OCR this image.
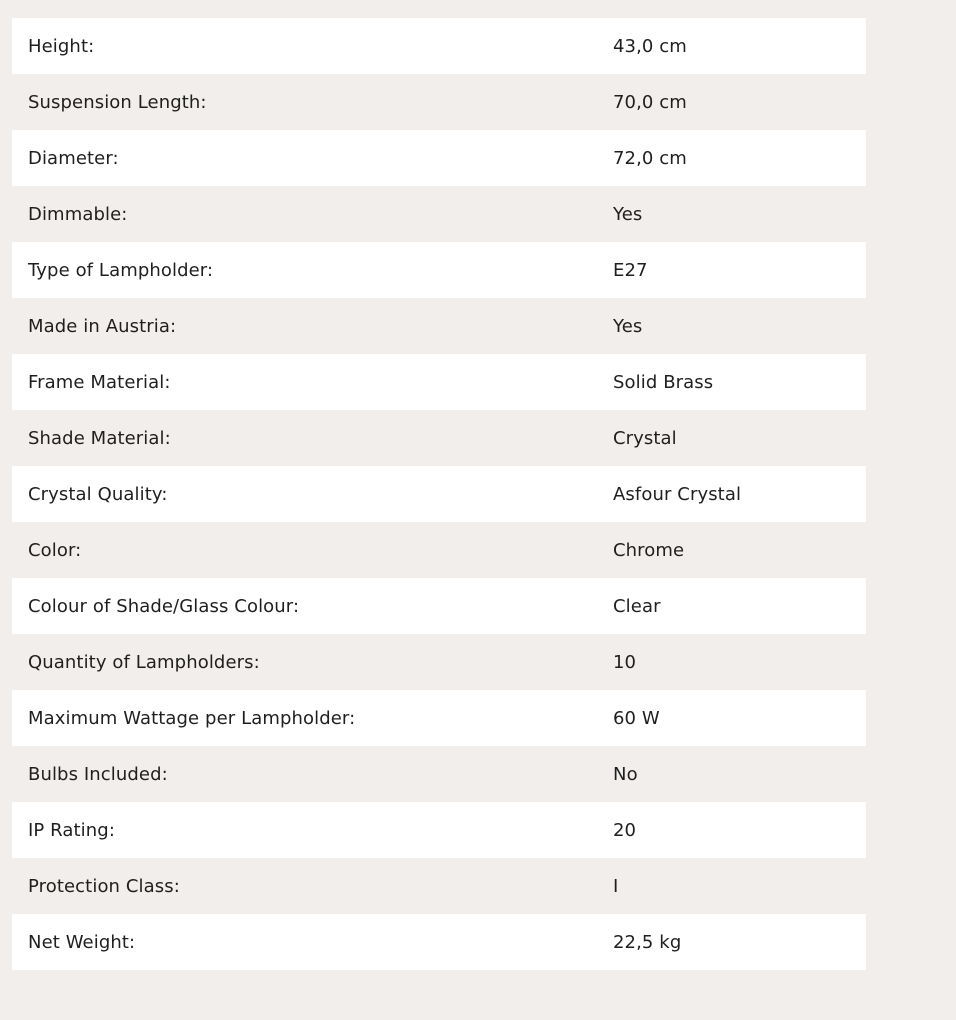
Height:	43,0 cm
Suspension Length:	70,0 cm
Diameter:	72,0 cm
Dimmable:	Yes
Type of Lampholder:	E27
Made in Austria:	Yes
Frame Material:	Solid Brass
Shade Material:	Crystal
Crystal Quality:	Asfour Crystal
Color:	Chrome
Colour of Shade/Glass Colour:	Clear
Quantity of Lampholders:	10
Maximum Wattage per Lampholder:	60 W
Bulbs Included:	No
IP Rating:	20
Protection Class:	I
Net Weight:	22,5 kg
